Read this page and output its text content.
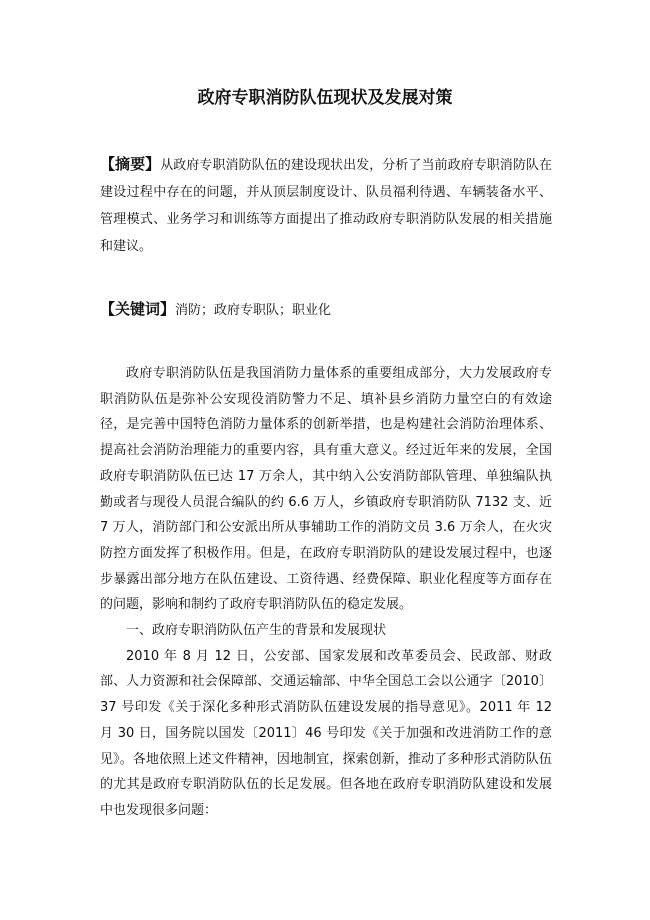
政府专职消防队伍现状及发展对策
【摘要】从政府专职消防队伍的建设现状出发，分析了当前政府专职消防队在建设过程中存在的问题，并从顶层制度设计、队员福利待遇、车辆装备水平、管理模式、业务学习和训练等方面提出了推动政府专职消防队发展的相关措施和建议。
【关键词】消防；政府专职队；职业化

政府专职消防队伍是我国消防力量体系的重要组成部分，大力发展政府专职消防队伍是弥补公安现役消防警力不足、填补县乡消防力量空白的有效途径，是完善中国特色消防力量体系的创新举措，也是构建社会消防治理体系、提高社会消防治理能力的重要内容，具有重大意义。经过近年来的发展，全国政府专职消防队伍已达 17 万余人，其中纳入公安消防部队管理、单独编队执勤或者与现役人员混合编队的约 6.6 万人，乡镇政府专职消防队 7132 支、近 7 万人，消防部门和公安派出所从事辅助工作的消防文员 3.6 万余人，在火灾防控方面发挥了积极作用。但是，在政府专职消防队的建设发展过程中，也逐步暴露出部分地方在队伍建设、工资待遇、经费保障、职业化程度等方面存在的问题，影响和制约了政府专职消防队伍的稳定发展。

一、政府专职消防队伍产生的背景和发展现状

2010 年 8 月 12 日，公安部、国家发展和改革委员会、民政部、财政部、人力资源和社会保障部、交通运输部、中华全国总工会以公通字〔2010〕37 号印发《关于深化多种形式消防队伍建设发展的指导意见》。2011 年 12 月 30 日，国务院以国发〔2011〕46 号印发《关于加强和改进消防工作的意见》。各地依照上述文件精神，因地制宜，探索创新，推动了多种形式消防队伍的尤其是政府专职消防队伍的长足发展。但各地在政府专职消防队建设和发展中也发现很多问题：
